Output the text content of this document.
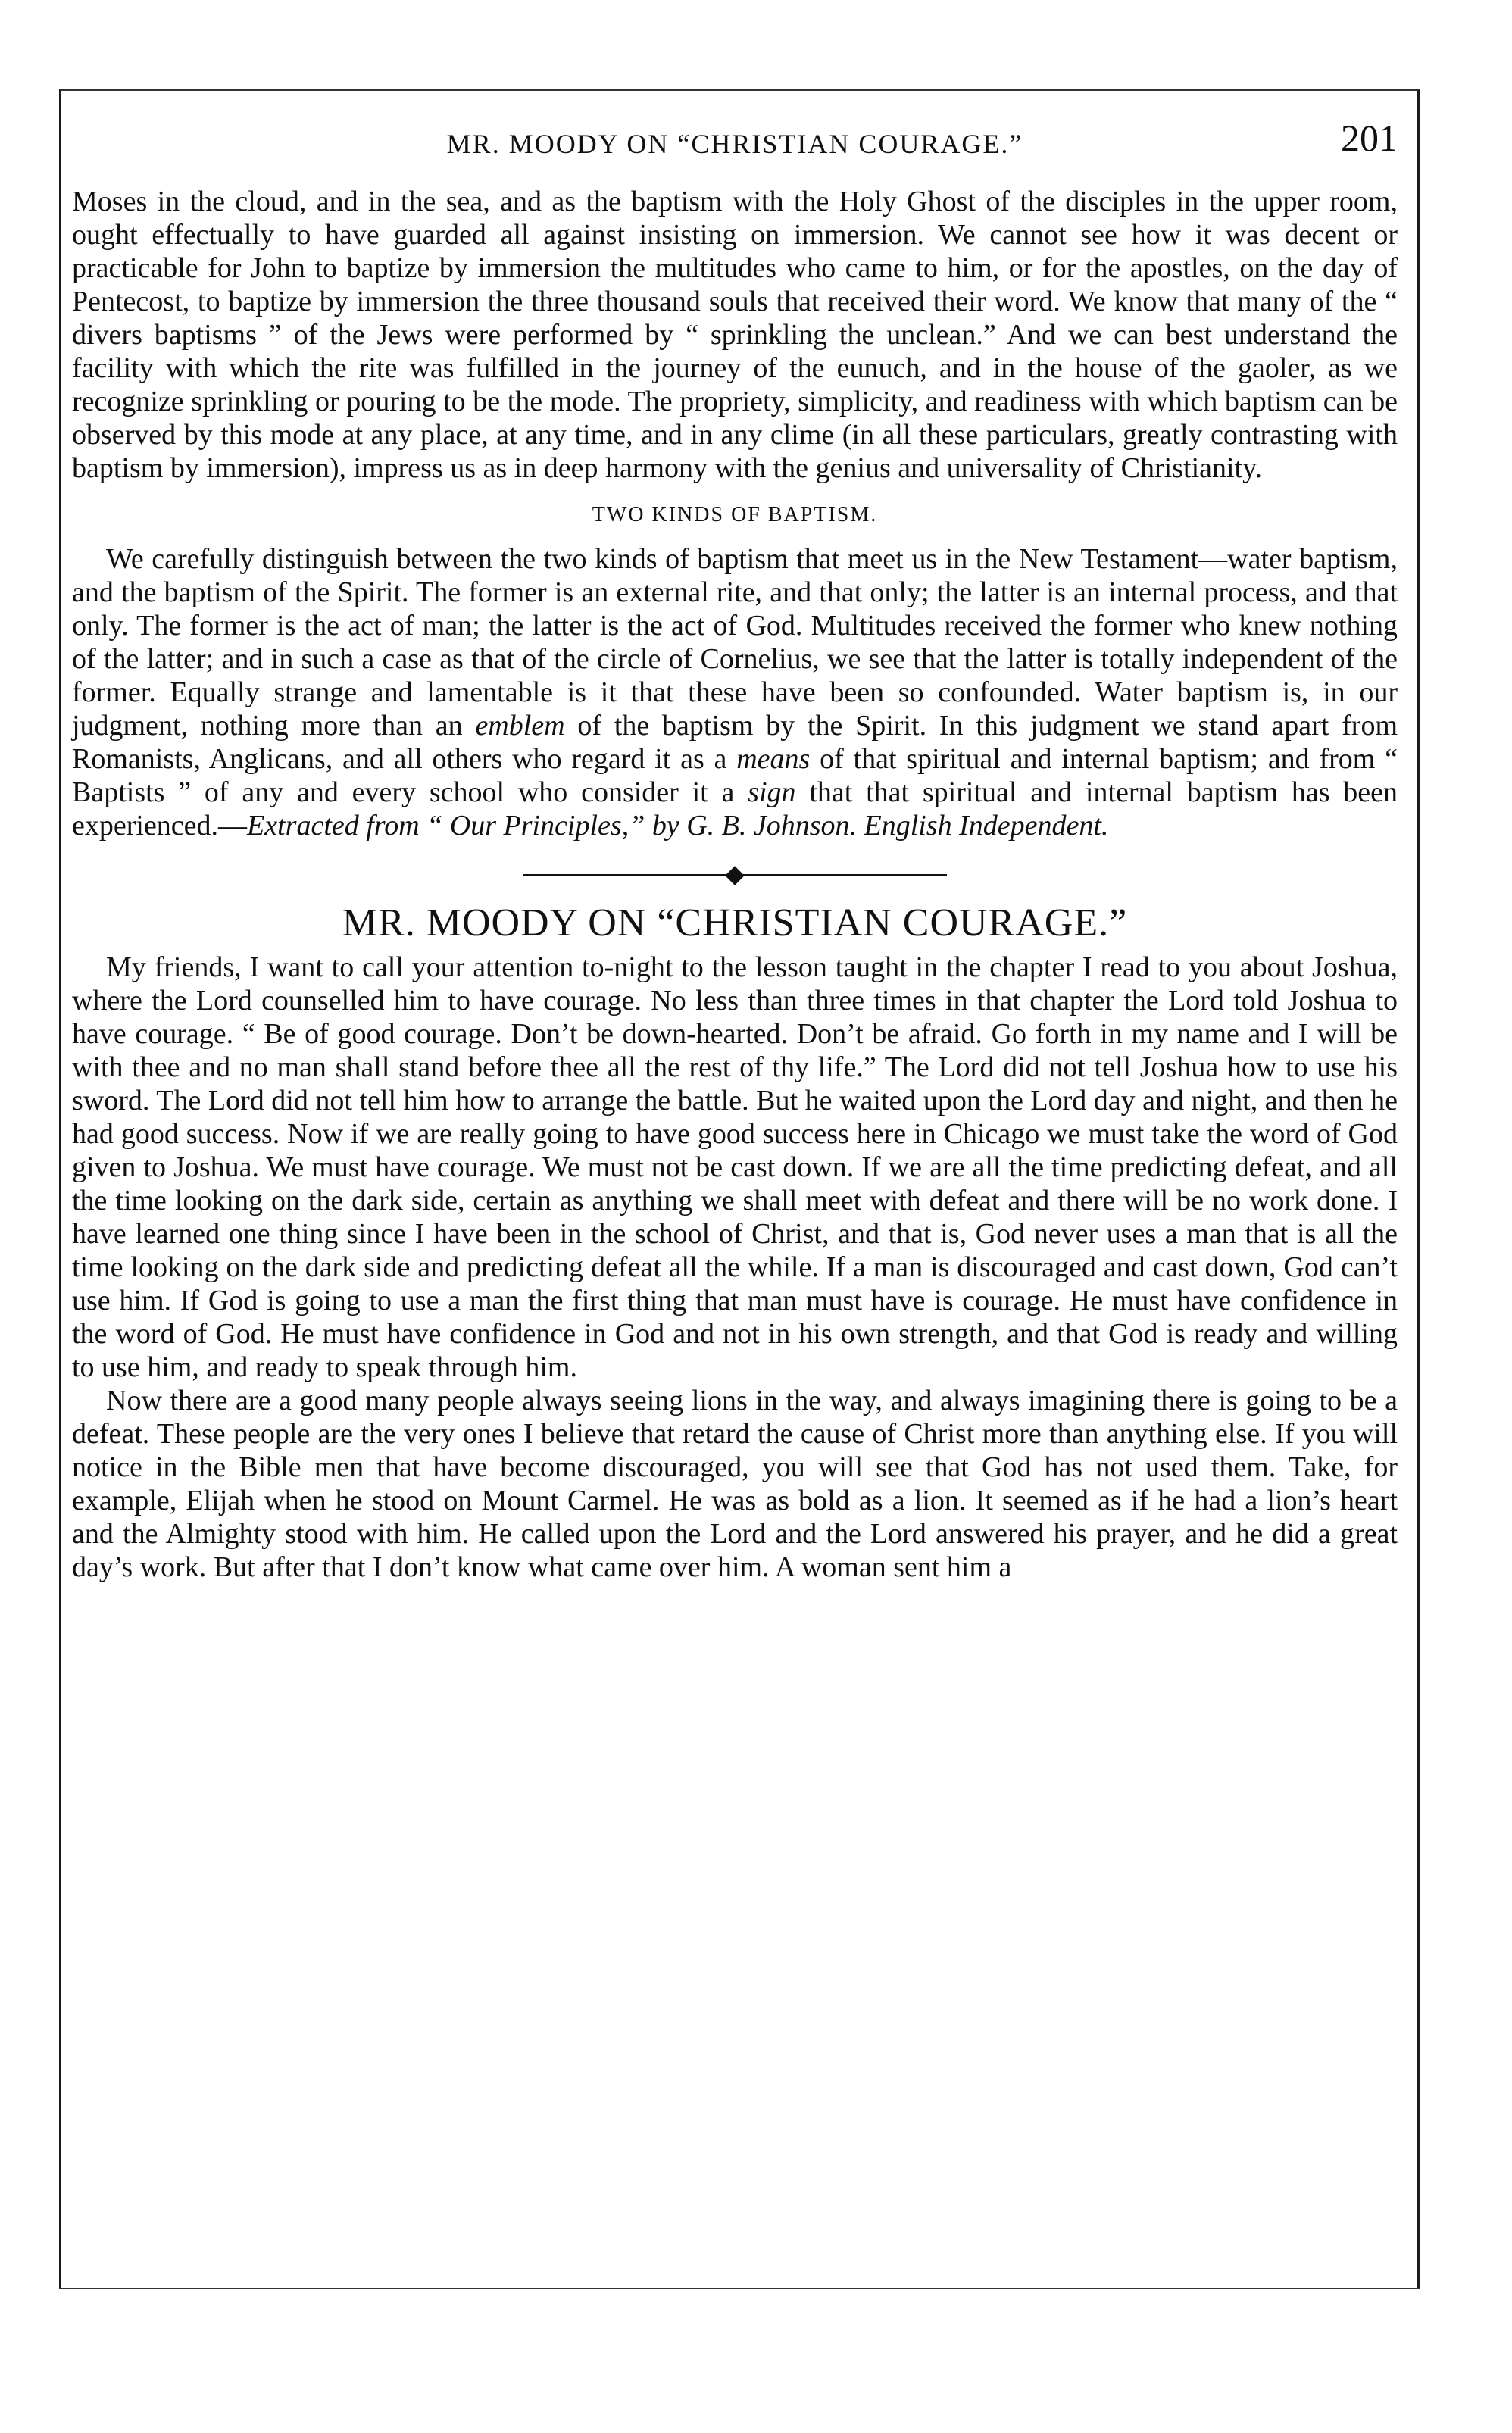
MR. MOODY ON “CHRISTIAN COURAGE.”	201

Moses in the cloud, and in the sea, and as the baptism with the Holy Ghost of the disciples in the upper room, ought effectually to have guarded all against insisting on immersion. We cannot see how it was decent or practicable for John to baptize by immersion the multitudes who came to him, or for the apostles, on the day of Pentecost, to baptize by immersion the three thousand souls that received their word. We know that many of the “ divers baptisms ” of the Jews were performed by “ sprinkling the unclean.” And we can best understand the facility with which the rite was fulfilled in the journey of the eunuch, and in the house of the gaoler, as we recognize sprinkling or pouring to be the mode. The propriety, simplicity, and readiness with which baptism can be observed by this mode at any place, at any time, and in any clime (in all these particulars, greatly contrasting with baptism by immersion), impress us as in deep harmony with the genius and universality of Christianity.

TWO KINDS OF BAPTISM.

We carefully distinguish between the two kinds of baptism that meet us in the New Testament—water baptism, and the baptism of the Spirit. The former is an external rite, and that only; the latter is an internal process, and that only. The former is the act of man; the latter is the act of God. Multitudes received the former who knew nothing of the latter; and in such a case as that of the circle of Cornelius, we see that the latter is totally independent of the former. Equally strange and lamentable is it that these have been so confounded. Water baptism is, in our judgment, nothing more than an emblem of the baptism by the Spirit. In this judgment we stand apart from Romanists, Anglicans, and all others who regard it as a means of that spiritual and internal baptism; and from “ Baptists ” of any and every school who consider it a sign that that spiritual and internal baptism has been experienced.—Extracted from “ Our Principles,” by G. B. Johnson. English Independent.

MR. MOODY ON “CHRISTIAN COURAGE.”

My friends, I want to call your attention to-night to the lesson taught in the chapter I read to you about Joshua, where the Lord counselled him to have courage. No less than three times in that chapter the Lord told Joshua to have courage. “ Be of good courage. Don’t be down-hearted. Don’t be afraid. Go forth in my name and I will be with thee and no man shall stand before thee all the rest of thy life.” The Lord did not tell Joshua how to use his sword. The Lord did not tell him how to arrange the battle. But he waited upon the Lord day and night, and then he had good success. Now if we are really going to have good success here in Chicago we must take the word of God given to Joshua. We must have courage. We must not be cast down. If we are all the time predicting defeat, and all the time looking on the dark side, certain as anything we shall meet with defeat and there will be no work done. I have learned one thing since I have been in the school of Christ, and that is, God never uses a man that is all the time looking on the dark side and predicting defeat all the while. If a man is discouraged and cast down, God can’t use him. If God is going to use a man the first thing that man must have is courage. He must have confidence in the word of God. He must have confidence in God and not in his own strength, and that God is ready and willing to use him, and ready to speak through him.

Now there are a good many people always seeing lions in the way, and always imagining there is going to be a defeat. These people are the very ones I believe that retard the cause of Christ more than anything else. If you will notice in the Bible men that have become discouraged, you will see that God has not used them. Take, for example, Elijah when he stood on Mount Carmel. He was as bold as a lion. It seemed as if he had a lion’s heart and the Almighty stood with him. He called upon the Lord and the Lord answered his prayer, and he did a great day’s work. But after that I don’t know what came over him. A woman sent him a
